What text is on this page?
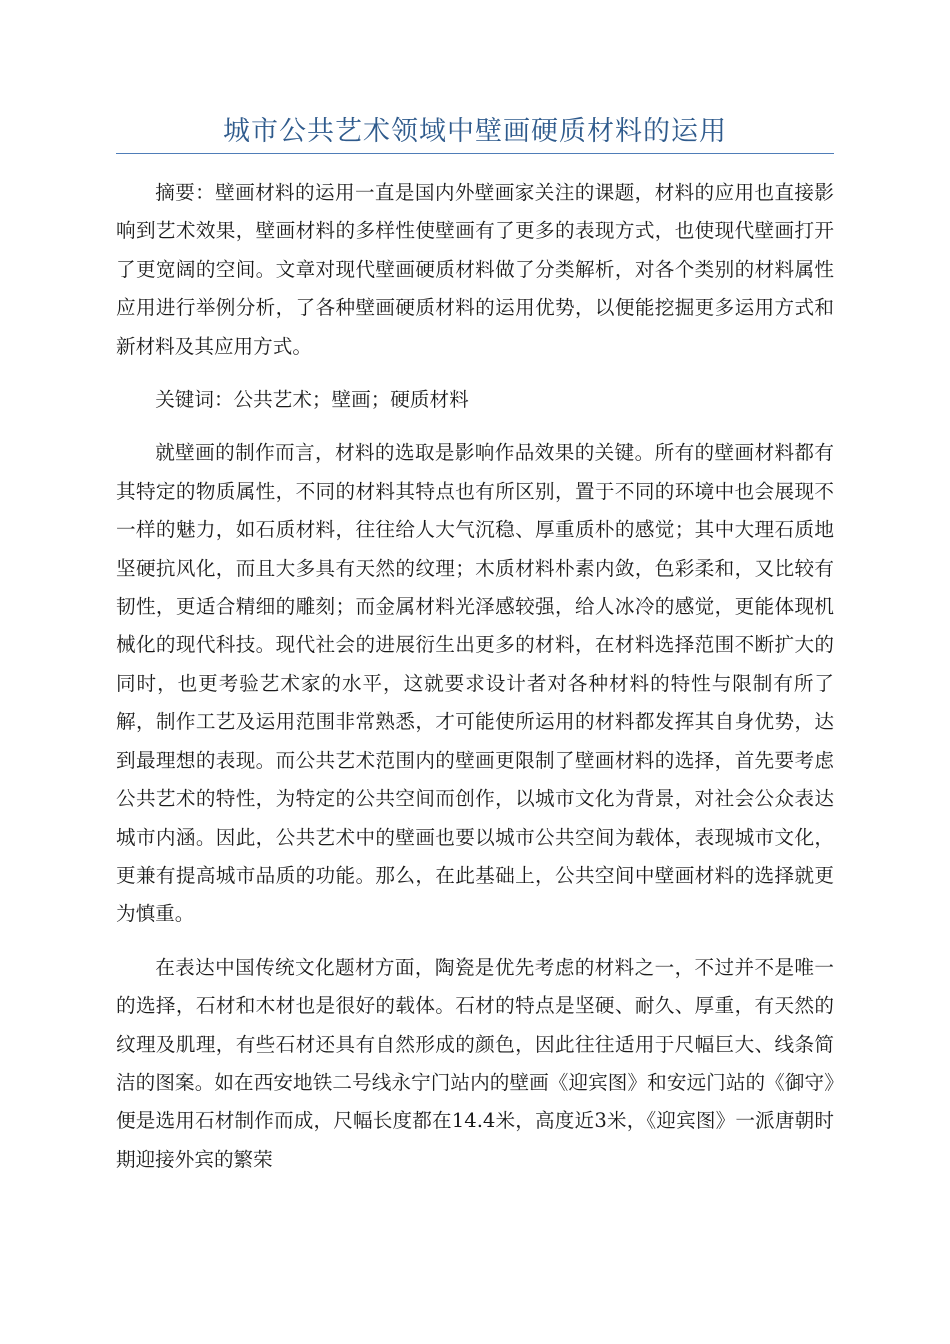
城市公共艺术领域中壁画硬质材料的运用

摘要：壁画材料的运用一直是国内外壁画家关注的课题，材料的应用也直接影响到艺术效果，壁画材料的多样性使壁画有了更多的表现方式，也使现代壁画打开了更宽阔的空间。文章对现代壁画硬质材料做了分类解析，对各个类别的材料属性应用进行举例分析，了各种壁画硬质材料的运用优势，以便能挖掘更多运用方式和新材料及其应用方式。

关键词：公共艺术；壁画；硬质材料

就壁画的制作而言，材料的选取是影响作品效果的关键。所有的壁画材料都有其特定的物质属性，不同的材料其特点也有所区别，置于不同的环境中也会展现不一样的魅力，如石质材料，往往给人大气沉稳、厚重质朴的感觉；其中大理石质地坚硬抗风化，而且大多具有天然的纹理；木质材料朴素内敛，色彩柔和，又比较有韧性，更适合精细的雕刻；而金属材料光泽感较强，给人冰冷的感觉，更能体现机械化的现代科技。现代社会的进展衍生出更多的材料，在材料选择范围不断扩大的同时，也更考验艺术家的水平，这就要求设计者对各种材料的特性与限制有所了解，制作工艺及运用范围非常熟悉，才可能使所运用的材料都发挥其自身优势，达到最理想的表现。而公共艺术范围内的壁画更限制了壁画材料的选择，首先要考虑公共艺术的特性，为特定的公共空间而创作，以城市文化为背景，对社会公众表达城市内涵。因此，公共艺术中的壁画也要以城市公共空间为载体，表现城市文化，更兼有提高城市品质的功能。那么，在此基础上，公共空间中壁画材料的选择就更为慎重。

在表达中国传统文化题材方面，陶瓷是优先考虑的材料之一，不过并不是唯一的选择，石材和木材也是很好的载体。石材的特点是坚硬、耐久、厚重，有天然的纹理及肌理，有些石材还具有自然形成的颜色，因此往往适用于尺幅巨大、线条简洁的图案。如在西安地铁二号线永宁门站内的壁画《迎宾图》和安远门站的《御守》便是选用石材制作而成，尺幅长度都在14.4米，高度近3米，《迎宾图》一派唐朝时期迎接外宾的繁荣
